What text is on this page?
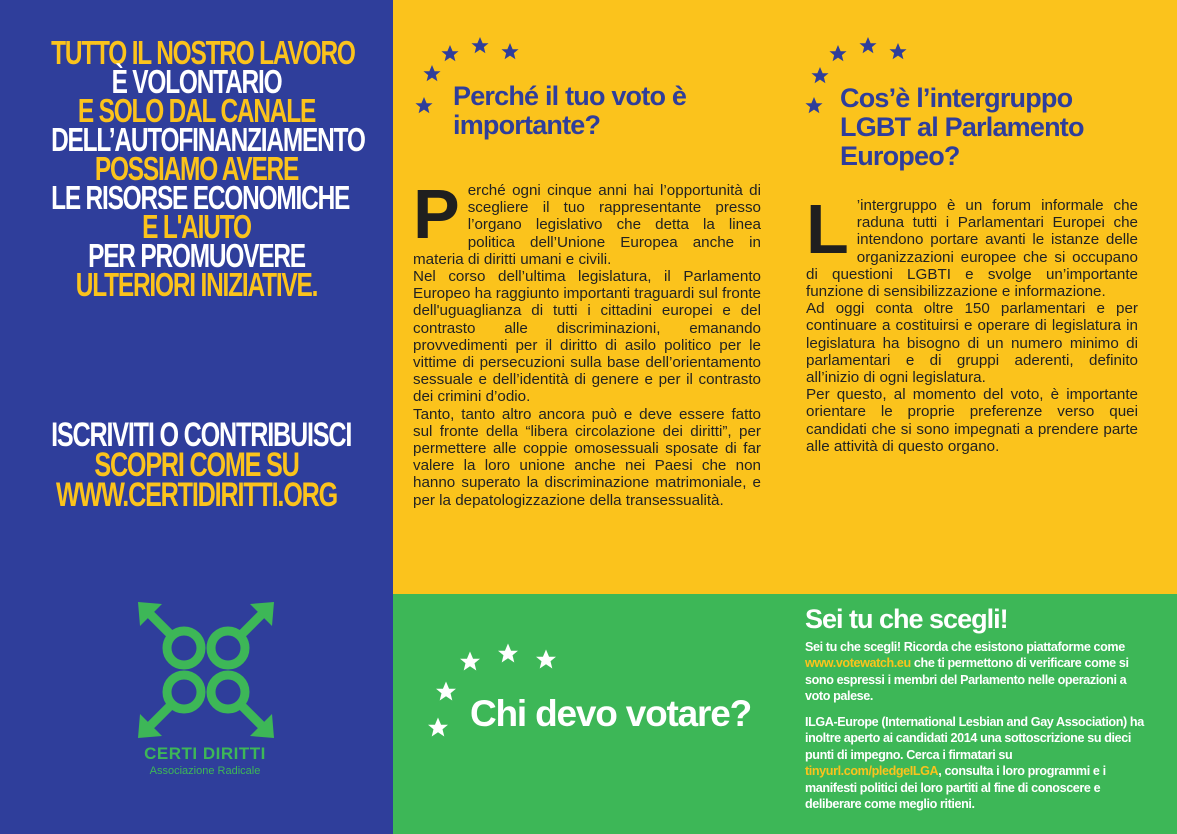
TUTTO IL NOSTRO LAVORO
È VOLONTARIO
E SOLO DAL CANALE
DELL’AUTOFINANZIAMENTO
POSSIAMO AVERE
LE RISORSE ECONOMICHE
E L'AIUTO
PER PROMUOVERE
ULTERIORI INIZIATIVE.
ISCRIVITI O CONTRIBUISCI
SCOPRI COME SU
WWW.CERTIDIRITTI.ORG
CERTI DIRITTI
Associazione Radicale
Perché il tuo voto è importante?
Cos’è l’intergruppo LGBT al Parlamento Europeo?
P erché ogni cinque anni hai l’opportunità di scegliere il tuo rappresentante presso l’organo legislativo che detta la linea politica dell’Unione Europea anche in materia di diritti umani e civili.

Nel corso dell’ultima legislatura, il Parlamento Europeo ha raggiunto importanti traguardi sul fronte dell'uguaglianza di tutti i cittadini europei e del contrasto alle discriminazioni, emanando provvedimenti per il diritto di asilo politico per le vittime di persecuzioni sulla base dell’orientamento sessuale e dell’identità di genere e per il contrasto dei crimini d’odio.

Tanto, tanto altro ancora può e deve essere fatto sul fronte della “libera circolazione dei diritti”, per permettere alle coppie omosessuali sposate di far valere la loro unione anche nei Paesi che non hanno superato la discriminazione matrimoniale, e per la depatologizzazione della transessualità.

L ’intergruppo è un forum informale che raduna tutti i Parlamentari Europei che intendono portare avanti le istanze delle organizzazioni europee che si occupano di questioni LGBTI e svolge un’importante funzione di sensibilizzazione e informazione.

Ad oggi conta oltre 150 parlamentari e per continuare a costituirsi e operare di legislatura in legislatura ha bisogno di un numero minimo di parlamentari e di gruppi aderenti, definito all’inizio di ogni legislatura.

Per questo, al momento del voto, è importante orientare le proprie preferenze verso quei candidati che si sono impegnati a prendere parte alle attività di questo organo.

Chi devo votare?
Sei tu che scegli!
Sei tu che scegli! Ricorda che esistono piattaforme come www.votewatch.eu che ti permettono di verificare come si sono espressi i membri del Parlamento nelle operazioni a voto palese.
ILGA-Europe (International Lesbian and Gay Association) ha inoltre aperto ai candidati 2014 una sottoscrizione su dieci punti di impegno. Cerca i firmatari su tinyurl.com/pledgeILGA, consulta i loro programmi e i manifesti politici dei loro partiti al fine di conoscere e deliberare come meglio ritieni.
